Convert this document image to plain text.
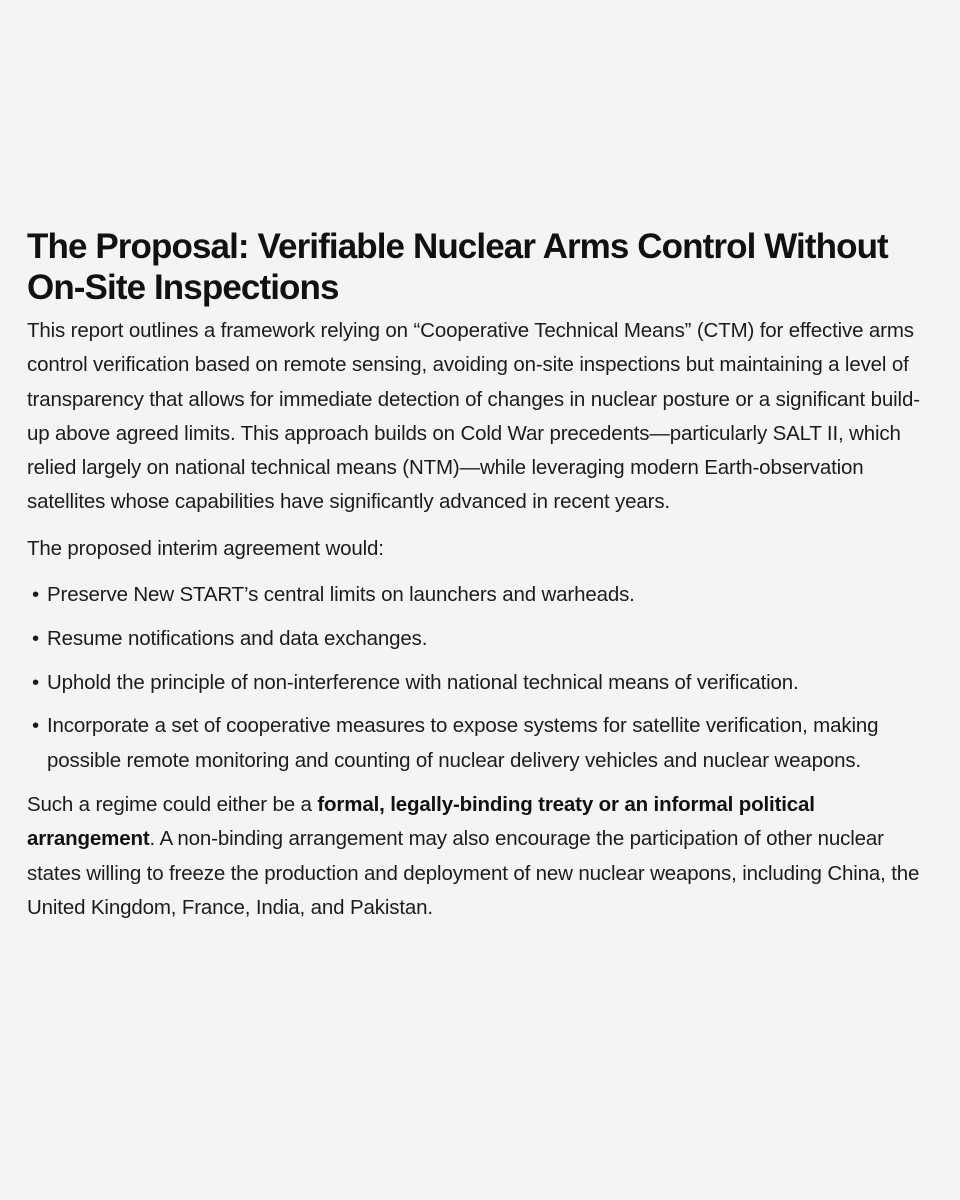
The Proposal: Verifiable Nuclear Arms Control Without On-Site Inspections

This report outlines a framework relying on “Cooperative Technical Means” (CTM) for effective arms control verification based on remote sensing, avoiding on-site inspections but maintaining a level of transparency that allows for immediate detection of changes in nuclear posture or a significant build-up above agreed limits. This approach builds on Cold War precedents—particularly SALT II, which relied largely on national technical means (NTM)—while leveraging modern Earth-observation satellites whose capabilities have significantly advanced in recent years.

The proposed interim agreement would:

• Preserve New START’s central limits on launchers and warheads.
• Resume notifications and data exchanges.
• Uphold the principle of non-interference with national technical means of verification.
• Incorporate a set of cooperative measures to expose systems for satellite verification, making possible remote monitoring and counting of nuclear delivery vehicles and nuclear weapons.

Such a regime could either be a formal, legally-binding treaty or an informal political arrangement. A non-binding arrangement may also encourage the participation of other nuclear states willing to freeze the production and deployment of new nuclear weapons, including China, the United Kingdom, France, India, and Pakistan.
